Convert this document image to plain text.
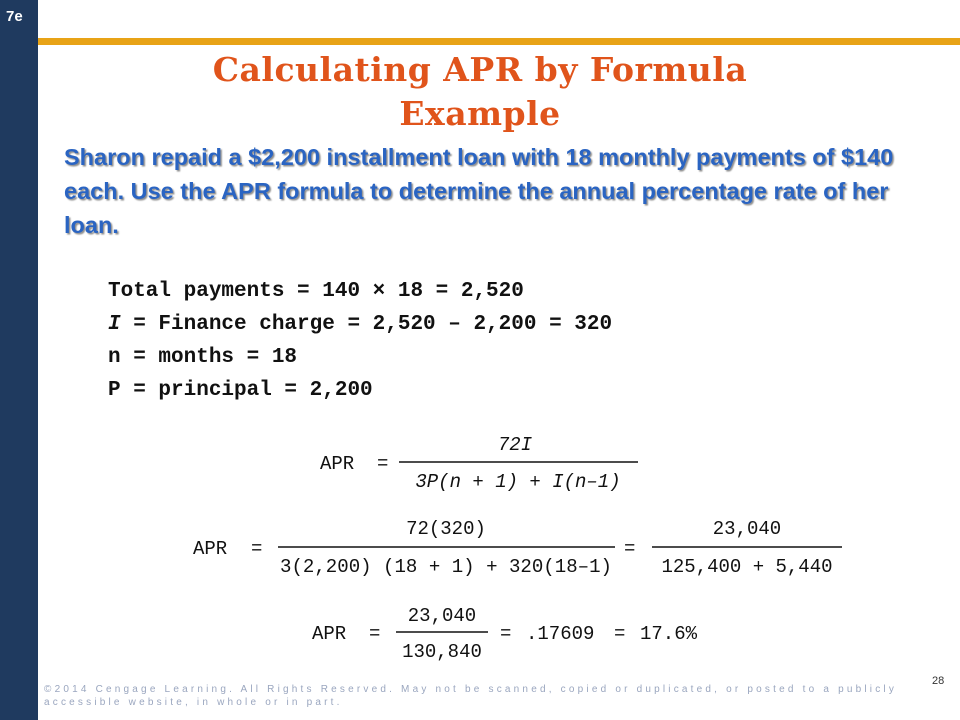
7e
Calculating APR by Formula
Example
Sharon repaid a $2,200 installment loan with 18 monthly payments of $140 each. Use the APR formula to determine the annual percentage rate of her loan.
Total payments = 140 × 18 = 2,520
I = Finance charge = 2,520 – 2,200 = 320
n = months = 18
P = principal = 2,200
APR =
72I
3P(n + 1) + I(n–1)
APR =
72(320)
3(2,200) (18 + 1) + 320(18–1)
=
23,040
125,400 + 5,440
APR =
23,040
130,840
= .17609 = 17.6%
©2014 Cengage Learning. All Rights Reserved. May not be scanned, copied or duplicated, or posted to a publicly accessible website, in whole or in part.
28
